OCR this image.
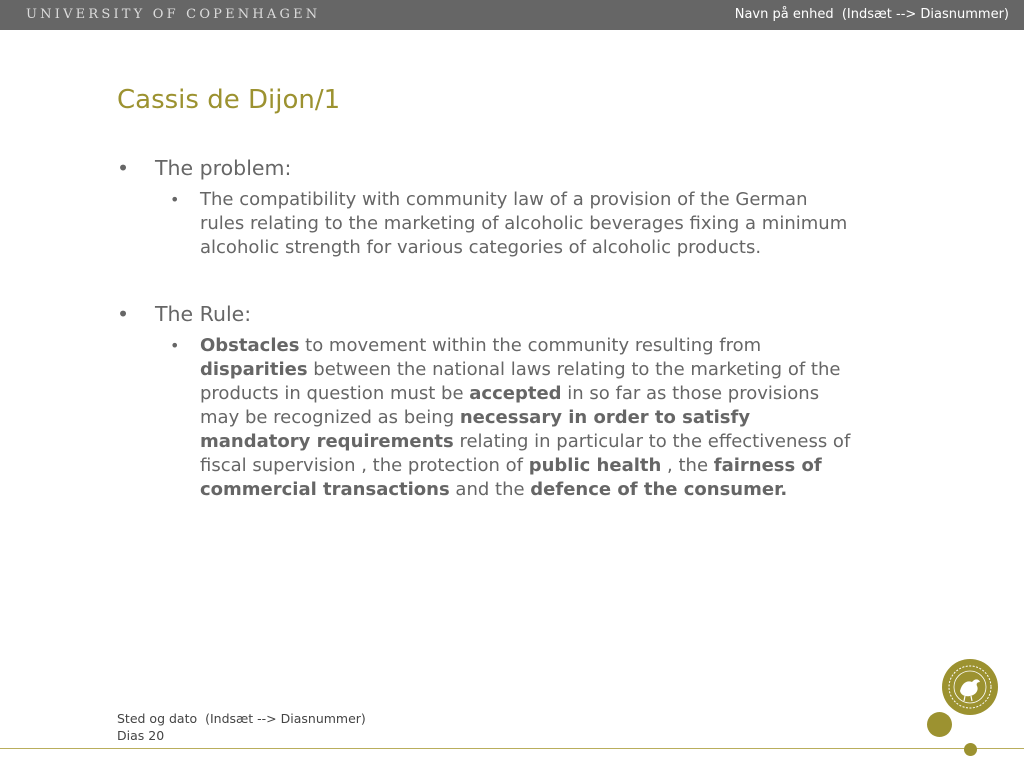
UNIVERSITY OF COPENHAGEN	Navn på enhed  (Indsæt --> Diasnummer)
Cassis de Dijon/1
• The problem:
• The compatibility with community law of a provision of the German rules relating to the marketing of alcoholic beverages fixing a minimum alcoholic strength for various categories of alcoholic products.
• The Rule:
• Obstacles to movement within the community resulting from disparities between the national laws relating to the marketing of the products in question must be accepted in so far as those provisions may be recognized as being necessary in order to satisfy mandatory requirements relating in particular to the effectiveness of fiscal supervision , the protection of public health , the fairness of commercial transactions and the defence of the consumer.
Sted og dato  (Indsæt --> Diasnummer)
Dias 20
